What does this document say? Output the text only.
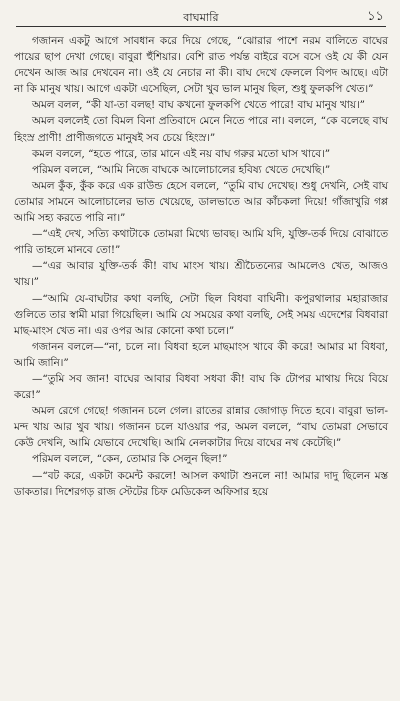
বাঘমারি	১১

গজানন একটু আগে সাবধান করে দিয়ে গেছে, “ঝোরার পাশে নরম বালিতে বাঘের পায়ের ছাপ দেখা গেছে। বাবুরা হুঁশিয়ার। বেশি রাত পর্যন্ত বাইরে বসে বসে ওই যে কী যেন দেখেন আজ আর দেখবেন না। ওই যে নেচার না কী। বাঘ দেখে ফেললে বিপদ আছে। এটা না কি মানুষ খায়। আগে একটা এসেছিল, সেটা খুব ভাল মানুষ ছিল, শুধু ফুলকপি খেত।”

অমল বলল, “কী যা-তা বলছ! বাঘ কখনো ফুলকপি খেতে পারে! বাঘ মানুষ খায়।”

অমল বললেই তো বিমল বিনা প্রতিবাদে মেনে নিতে পারে না। বললে, “কে বলেছে বাঘ হিংস্র প্রাণী! প্রাণীজগতে মানুষই সব চেয়ে হিংস্র।”

কমল বললে, “হতে পারে, তার মানে এই নয় বাঘ গরুর মতো ঘাস খাবে।”

পরিমল বললে, “আমি নিজে বাঘকে আলোচালের হবিষ্য খেতে দেখেছি।”

অমল কুঁক, কুঁক করে এক রাউন্ড হেসে বললে, “তুমি বাঘ দেখেছ। শুধু দেখনি, সেই বাঘ তোমার সামনে আলোচালের ভাত খেয়েছে, ডালভাতে আর কাঁচকলা দিয়ে! গাঁজাখুরি গপ্প আমি সহ্য করতে পারি না।”

—“এই দেখ, সত্যি কথাটাকে তোমরা মিথ্যে ভাবছ। আমি যদি, যুক্তি-তর্ক দিয়ে বোঝাতে পারি তাহলে মানবে তো!”

—“এর আবার যুক্তি-তর্ক কী! বাঘ মাংস খায়। শ্রীচৈতন্যের আমলেও খেত, আজও খায়।”

—“আমি যে-বাঘটার কথা বলছি, সেটা ছিল বিধবা বাঘিনী। কপুরথালার মহারাজার গুলিতে তার স্বামী মারা গিয়েছিল। আমি যে সময়ের কথা বলছি, সেই সময় এদেশের বিধবারা মাছ-মাংস খেত না। এর ওপর আর কোনো কথা চলে।”

গজানন বললে—“না, চলে না। বিধবা হলে মাছমাংস খাবে কী করে! আমার মা বিধবা, আমি জানি।”

—“তুমি সব জান! বাঘের আবার বিধবা সধবা কী! বাঘ কি টোপর মাথায় দিয়ে বিয়ে করে!”

অমল রেগে গেছে! গজানন চলে গেল। রাতের রান্নার জোগাড় দিতে হবে। বাবুরা ভাল-মন্দ খায় আর খুব খায়। গজানন চলে যাওয়ার পর, অমল বললে, “বাঘ তোমরা সেভাবে কেউ দেখনি, আমি যেভাবে দেখেছি। আমি নেলকাটার দিয়ে বাঘের নখ কেটেছি।”

পরিমল বললে, “কেন, তোমার কি সেলুন ছিল!”

—“বট করে, একটা কমেন্ট করলে! আসল কথাটা শুনলে না! আমার দাদু ছিলেন মস্ত ডাকতার। দিশেরগড় রাজ স্টেটের চিফ মেডিকেল অফিসার হয়ে
